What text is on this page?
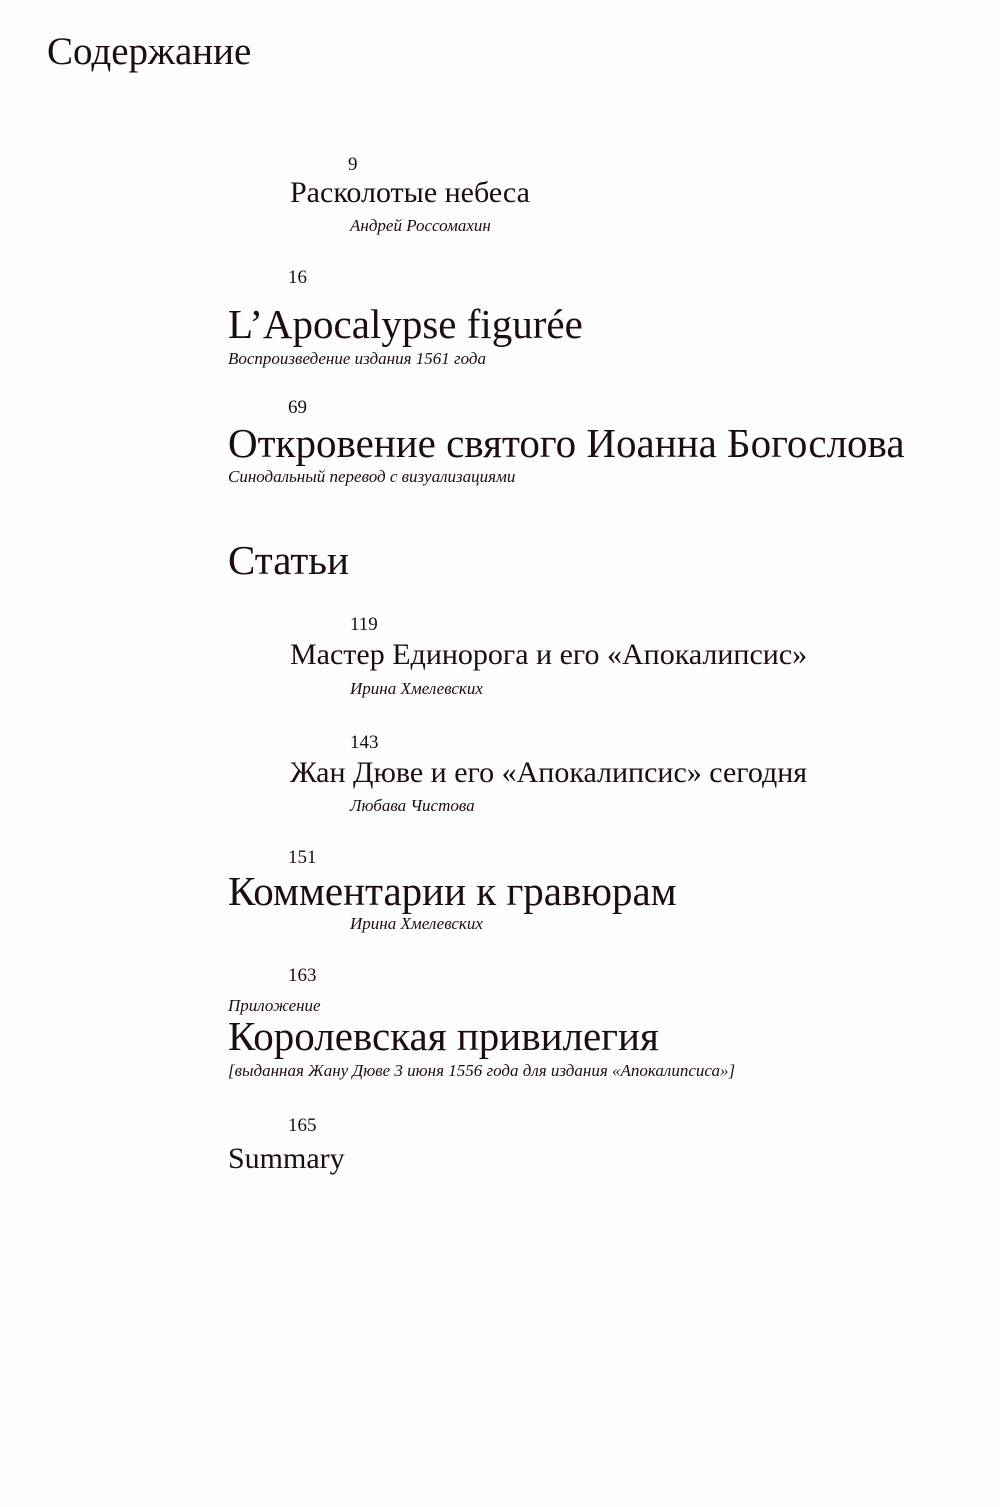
Содержание
9
Расколотые небеса
Андрей Россомахин
16
L’Apocalypse figurée
Воспроизведение издания 1561 года
69
Откровение святого Иоанна Богослова
Синодальный перевод с визуализациями
Статьи
119
Мастер Единорога и его «Апокалипсис»
Ирина Хмелевских
143
Жан Дюве и его «Апокалипсис» сегодня
Любава Чистова
151
Комментарии к гравюрам
Ирина Хмелевских
163
Приложение
Королевская привилегия
[выданная Жану Дюве 3 июня 1556 года для издания «Апокалипсиса»]
165
Summary
